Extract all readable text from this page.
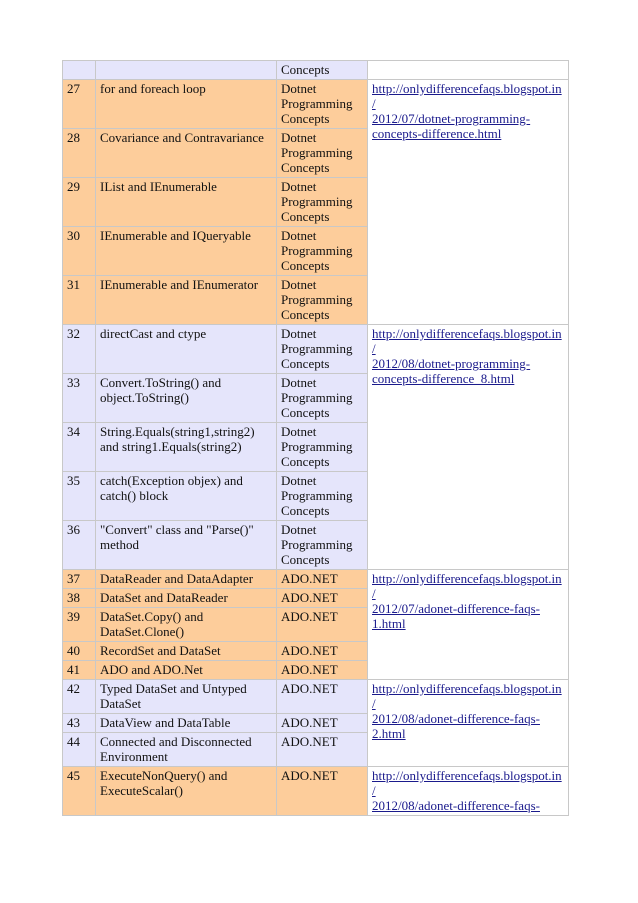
		Concepts	
27	for and foreach loop	Dotnet
Programming
Concepts	http://onlydifferencefaqs.blogspot.in/
2012/07/dotnet-programming-
concepts-difference.html
28	Covariance and Contravariance	Dotnet
Programming
Concepts	
29	IList and IEnumerable	Dotnet
Programming
Concepts	
30	IEnumerable and IQueryable	Dotnet
Programming
Concepts	
31	IEnumerable and IEnumerator	Dotnet
Programming
Concepts	
32	directCast and ctype	Dotnet
Programming
Concepts	http://onlydifferencefaqs.blogspot.in/
2012/08/dotnet-programming-
concepts-difference_8.html
33	Convert.ToString() and
object.ToString()	Dotnet
Programming
Concepts	
34	String.Equals(string1,string2)
and string1.Equals(string2)	Dotnet
Programming
Concepts	
35	catch(Exception objex) and
catch() block	Dotnet
Programming
Concepts	
36	"Convert" class and "Parse()"
method	Dotnet
Programming
Concepts	
37	DataReader and DataAdapter	ADO.NET	http://onlydifferencefaqs.blogspot.in/
2012/07/adonet-difference-faqs-
1.html
38	DataSet and DataReader	ADO.NET	
39	DataSet.Copy() and
DataSet.Clone()	ADO.NET	
40	RecordSet and DataSet	ADO.NET	
41	ADO and ADO.Net	ADO.NET	
42	Typed DataSet and Untyped
DataSet	ADO.NET	http://onlydifferencefaqs.blogspot.in/
2012/08/adonet-difference-faqs-
2.html
43	DataView and DataTable	ADO.NET	
44	Connected and Disconnected
Environment	ADO.NET	
45	ExecuteNonQuery() and
ExecuteScalar()	ADO.NET	http://onlydifferencefaqs.blogspot.in/
2012/08/adonet-difference-faqs-
